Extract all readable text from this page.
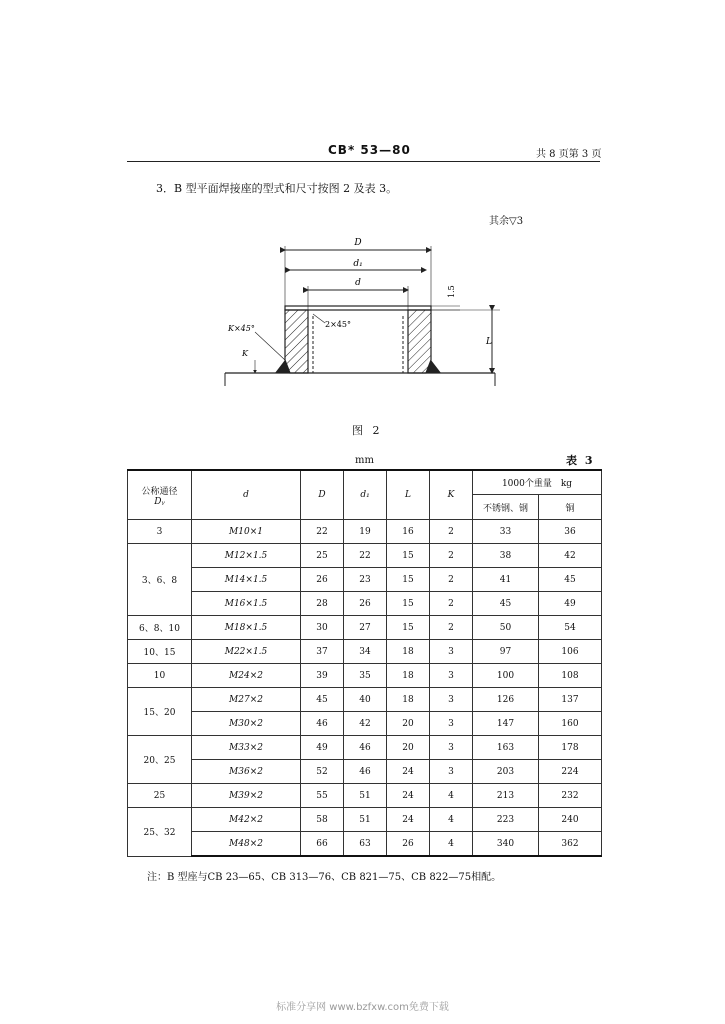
CB* 53—80	共 8 页第 3 页
3．B 型平面焊接座的型式和尺寸按图 2 及表 3。
其余▽3
D
d₁
d
1.5
L
2×45°
K×45°
K
图 2
mm	表 3
公称通径
Dᵧ	d	D	d₁	L	K	1000个重量　kg	
						不锈钢、钢	铜
3	M10×1	22	19	16	2	33	36
3、6、8	M12×1.5	25	22	15	2	38	42
	M14×1.5	26	23	15	2	41	45
	M16×1.5	28	26	15	2	45	49
6、8、10	M18×1.5	30	27	15	2	50	54
10、15	M22×1.5	37	34	18	3	97	106
10	M24×2	39	35	18	3	100	108
15、20	M27×2	45	40	18	3	126	137
	M30×2	46	42	20	3	147	160
20、25	M33×2	49	46	20	3	163	178
	M36×2	52	46	24	3	203	224
25	M39×2	55	51	24	4	213	232
25、32	M42×2	58	51	24	4	223	240
	M48×2	66	63	26	4	340	362
注：B 型座与CB 23—65、CB 313—76、CB 821—75、CB 822—75相配。
标准分享网 www.bzfxw.com免费下载
